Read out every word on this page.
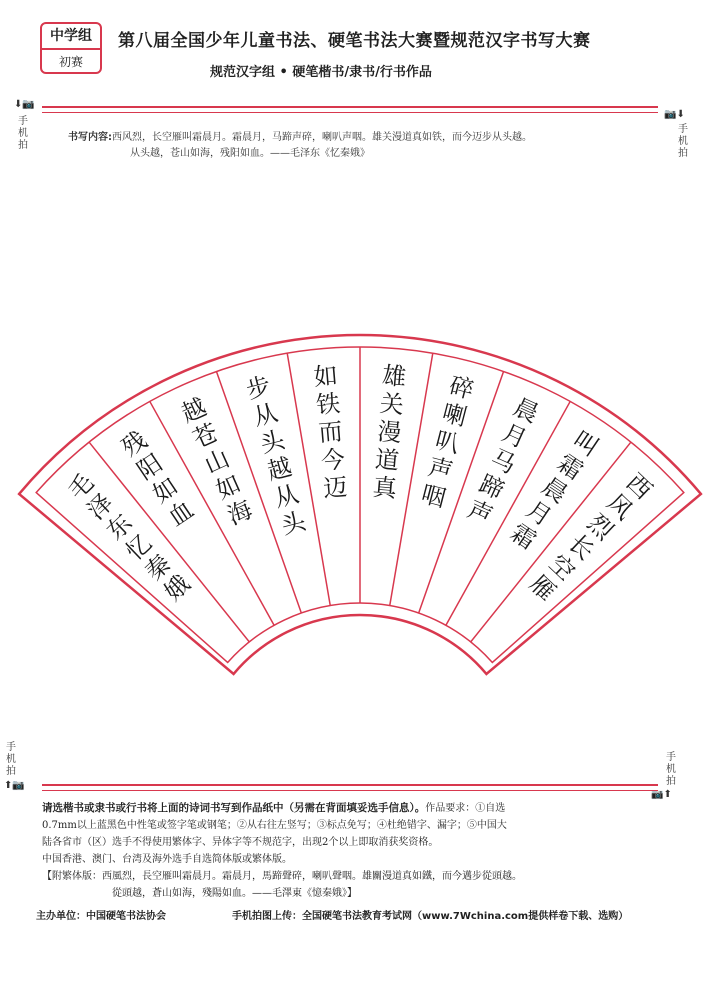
中学组
初赛
第八届全国少年儿童书法、硬笔书法大赛暨规范汉字书写大赛
规范汉字组 • 硬笔楷书/隶书/行书作品
⬇📷
手
机
拍
📷⬇
手
机
拍
书写内容:西风烈，长空雁叫霜晨月。霜晨月，马蹄声碎，喇叭声咽。雄关漫道真如铁，而今迈步从头越。
从头越，苍山如海，残阳如血。——毛泽东《忆秦娥》
西
风
烈
长
空
雁
叫
霜
晨
月
霜
晨
月
马
蹄
声
碎
喇
叭
声
咽
雄
关
漫
道
真
如
铁
而
今
迈
步
从
头
越
从
头
越
苍
山
如
海
残
阳
如
血
毛
泽
东
忆
秦
娥
手
机
拍
⬆📷
手
机
拍
📷⬆
请选楷书或隶书或行书将上面的诗词书写到作品纸中（另需在背面填妥选手信息）。作品要求：①自选
0.7mm以上蓝黑色中性笔或签字笔或钢笔；②从右往左竖写；③标点免写；④杜绝错字、漏字；⑤中国大
陆各省市（区）选手不得使用繁体字、异体字等不规范字，出现2个以上即取消获奖资格。
中国香港、澳门、台湾及海外选手自选简体版或繁体版。
【附繁体版：西風烈，長空雁叫霜晨月。霜晨月，馬蹄聲碎，喇叭聲咽。雄關漫道真如鐵，而今邁步從頭越。
從頭越，蒼山如海，殘陽如血。——毛澤東《憶秦娥》】
主办单位：中国硬笔书法协会	手机拍图上传：全国硬笔书法教育考试网（www.7Wchina.com提供样卷下载、选购）
